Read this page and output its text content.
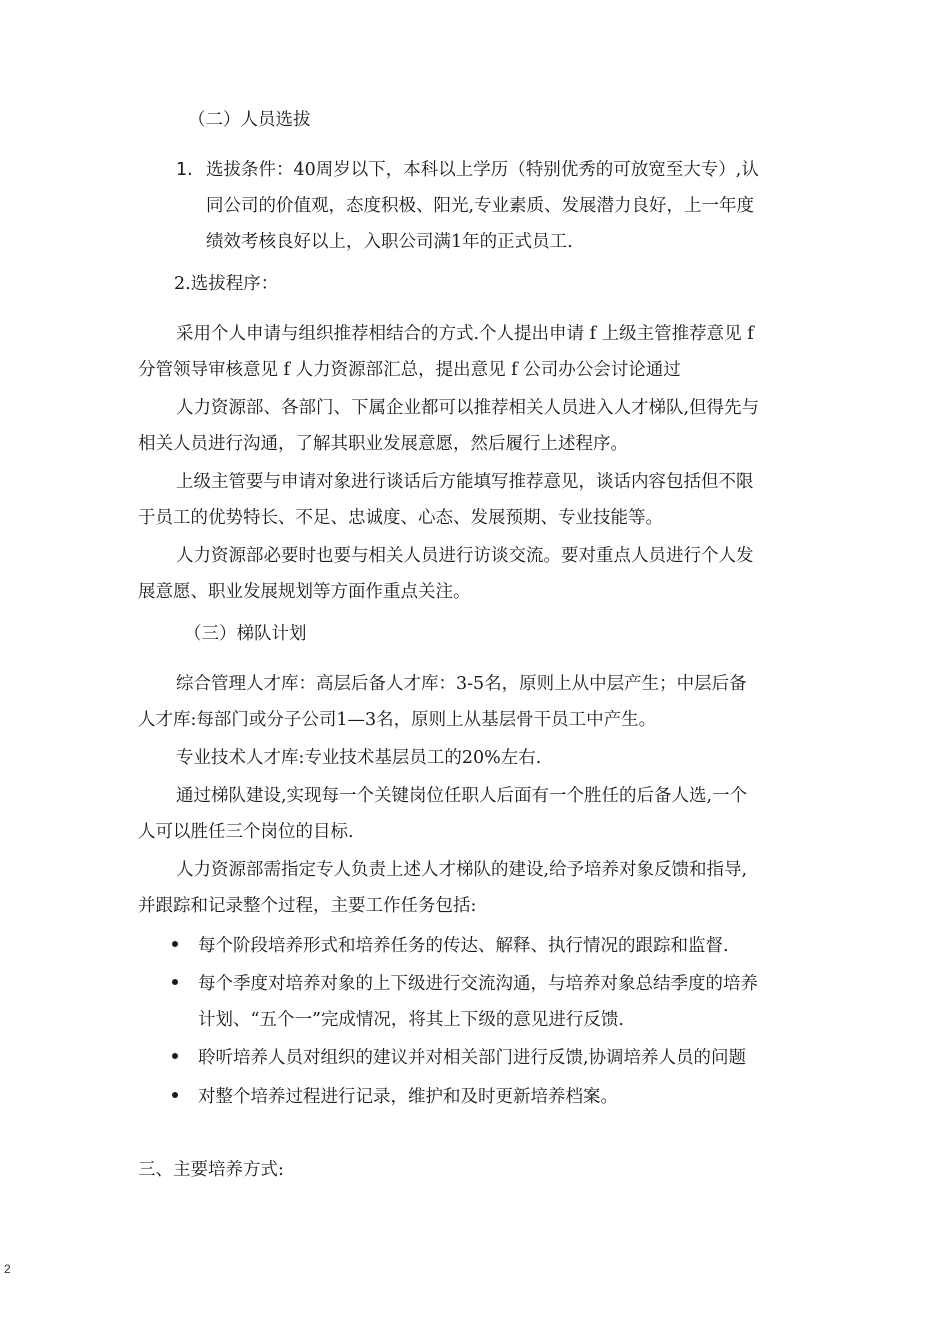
（二）人员选拔
1. 选拔条件：40周岁以下，本科以上学历（特别优秀的可放宽至大专）,认
同公司的价值观，态度积极、阳光,专业素质、发展潜力良好，上一年度
绩效考核良好以上，入职公司满1年的正式员工.
2.选拔程序：
采用个人申请与组织推荐相结合的方式.个人提出申请 f 上级主管推荐意见 f
分管领导审核意见 f 人力资源部汇总，提出意见 f 公司办公会讨论通过
人力资源部、各部门、下属企业都可以推荐相关人员进入人才梯队,但得先与
相关人员进行沟通，了解其职业发展意愿，然后履行上述程序。
上级主管要与申请对象进行谈话后方能填写推荐意见，谈话内容包括但不限
于员工的优势特长、不足、忠诚度、心态、发展预期、专业技能等。
人力资源部必要时也要与相关人员进行访谈交流。要对重点人员进行个人发
展意愿、职业发展规划等方面作重点关注。
（三）梯队计划
综合管理人才库：高层后备人才库：3-5名，原则上从中层产生；中层后备
人才库:每部门或分子公司1—3名，原则上从基层骨干员工中产生。
专业技术人才库:专业技术基层员工的20%左右.
通过梯队建设,实现每一个关键岗位任职人后面有一个胜任的后备人选,一个
人可以胜任三个岗位的目标.
人力资源部需指定专人负责上述人才梯队的建设,给予培养对象反馈和指导,
并跟踪和记录整个过程，主要工作任务包括:
每个阶段培养形式和培养任务的传达、解释、执行情况的跟踪和监督.
每个季度对培养对象的上下级进行交流沟通，与培养对象总结季度的培养
计划、“五个一”完成情况，将其上下级的意见进行反馈.
聆听培养人员对组织的建议并对相关部门进行反馈,协调培养人员的问题
对整个培养过程进行记录，维护和及时更新培养档案。
三、主要培养方式:
2
